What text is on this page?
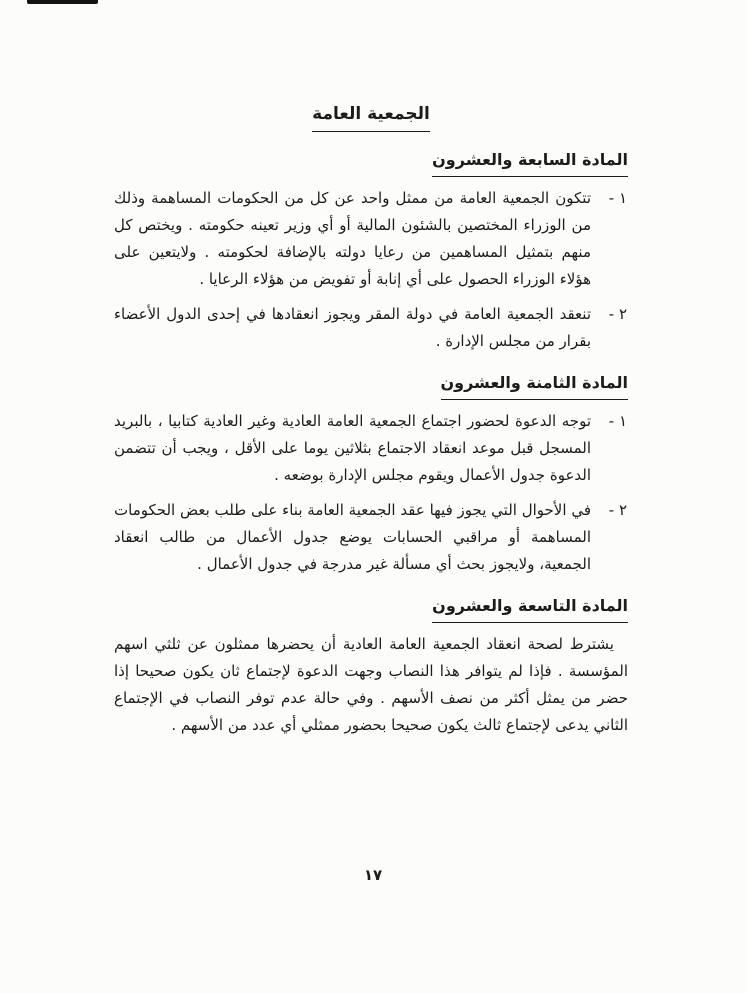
الجمعية العامة
المادة السابعة والعشرون
١ -

تتكون الجمعية العامة من ممثل واحد عن كل من الحكومات المساهمة وذلك من الوزراء المختصين بالشئون المالية أو أي وزير تعينه حكومته . ويختص كل منهم بتمثيل المساهمين من رعايا دولته بالإضافة لحكومته . ولايتعين على هؤلاء الوزراء الحصول على أي إنابة أو تفويض من هؤلاء الرعايا .

٢ -

تنعقد الجمعية العامة في دولة المقر ويجوز انعقادها في إحدى الدول الأعضاء بقرار من مجلس الإدارة .

المادة الثامنة والعشرون
١ -

توجه الدعوة لحضور اجتماع الجمعية العامة العادية وغير العادية كتابيا ، بالبريد المسجل قبل موعد انعقاد الاجتماع بثلاثين يوما على الأقل ، ويجب أن تتضمن الدعوة جدول الأعمال ويقوم مجلس الإدارة بوضعه .

٢ -

في الأحوال التي يجوز فيها عقد الجمعية العامة بناء على طلب بعض الحكومات المساهمة أو مراقبي الحسابات يوضع جدول الأعمال من طالب انعقاد الجمعية، ولايجوز بحث أي مسألة غير مدرجة في جدول الأعمال .

المادة التاسعة والعشرون

يشترط لصحة انعقاد الجمعية العامة العادية أن يحضرها ممثلون عن ثلثي اسهم المؤسسة . فإذا لم يتوافر هذا النصاب وجهت الدعوة لإجتماع ثان يكون صحيحا إذا حضر من يمثل أكثر من نصف الأسهم . وفي حالة عدم توفر النصاب في الإجتماع الثاني يدعى لإجتماع ثالث يكون صحيحا بحضور ممثلي أي عدد من الأسهم .

١٧
